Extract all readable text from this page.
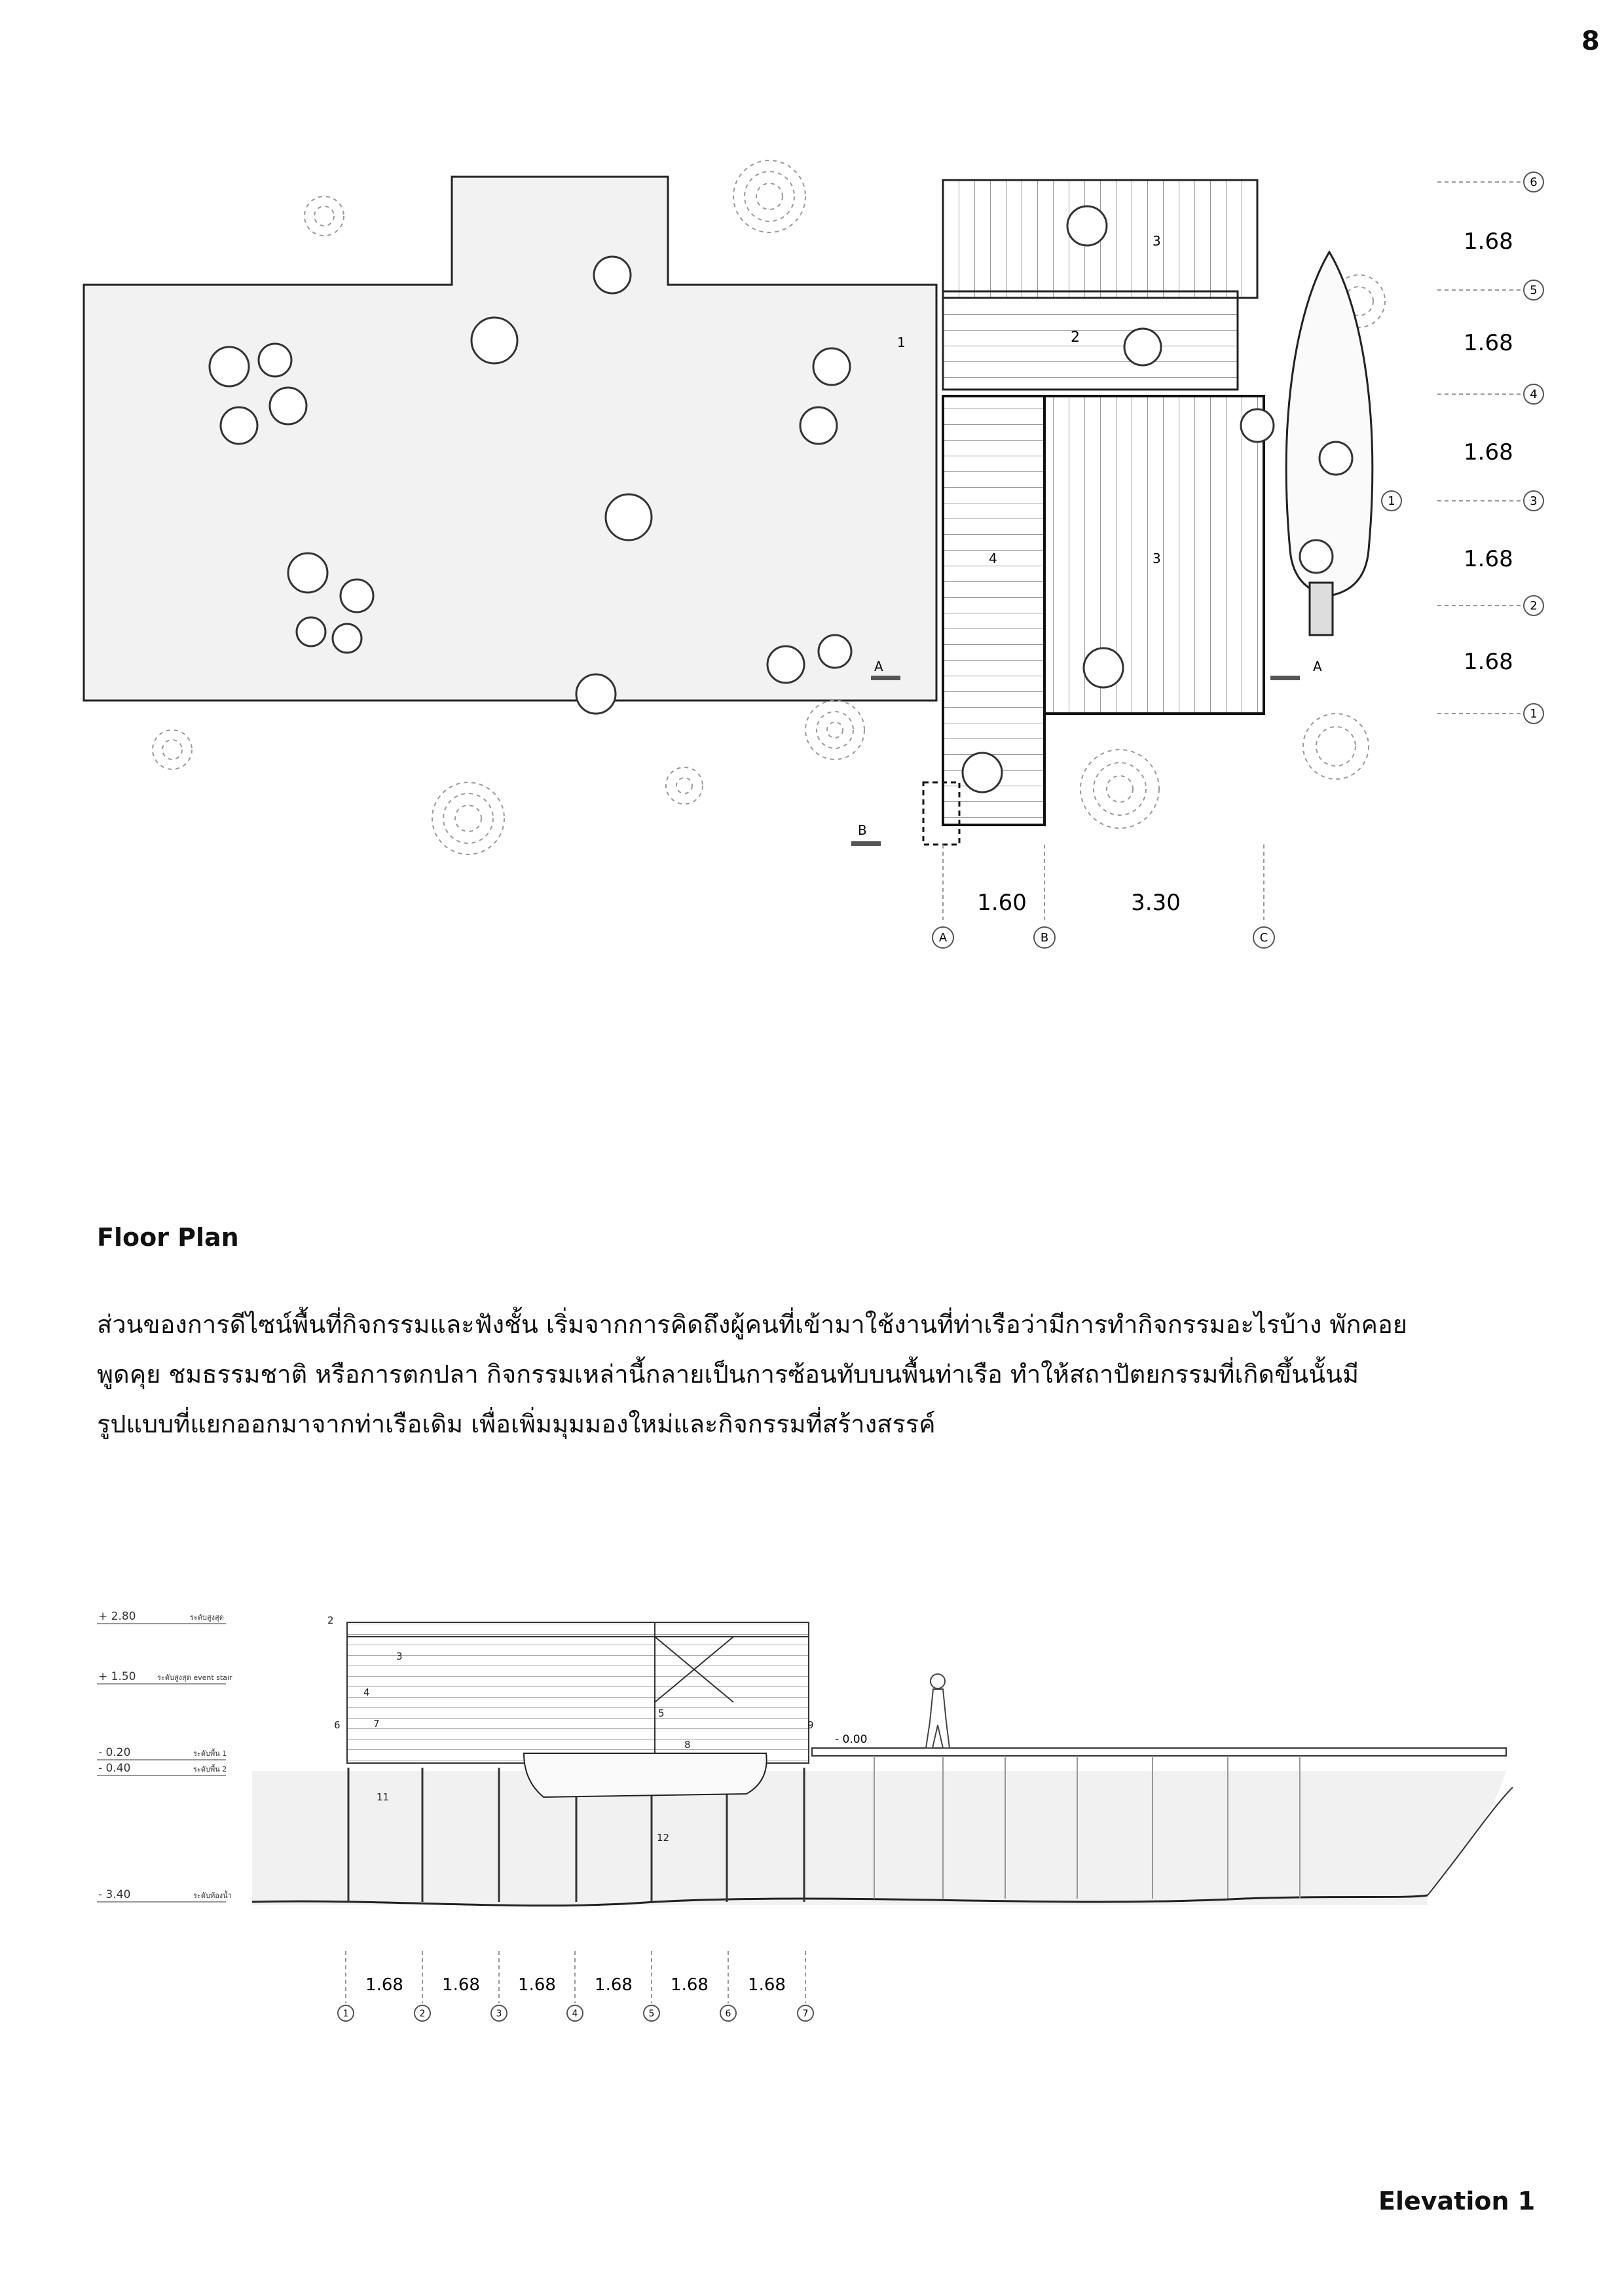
8
1	2
3
3
4
A	A
B
6
5
4
3
2
1
1
1.68
1.68
1.68
1.68
1.68
A	B	C
1.60	3.30
Floor Plan

ส่วนของการดีไซน์พื้นที่กิจกรรมและฟังชั้น เริ่มจากการคิดถึงผู้คนที่เข้ามาใช้งานที่ท่าเรือว่ามีการทำกิจกรรมอะไรบ้าง พักคอย

พูดคุย ชมธรรมชาติ หรือการตกปลา กิจกรรมเหล่านี้กลายเป็นการซ้อนทับบนพื้นท่าเรือ ทำให้สถาปัตยกรรมที่เกิดขึ้นนั้นมี

รูปแบบที่แยกออกมาจากท่าเรือเดิม เพื่อเพิ่มมุมมองใหม่และกิจกรรมที่สร้างสรรค์

+ 2.80	ระดับสูงสุด
+ 1.50	ระดับสูงสุด event stair
- 0.20	ระดับพื้น 1
- 0.40	ระดับพื้น 2
- 3.40	ระดับท้องน้ำ
- 0.00
2
3
4
5
6	7
8
9
11
12
1	2	3	4	5	6	7
1.68 1.68 1.68 1.68 1.68 1.68
Elevation 1
